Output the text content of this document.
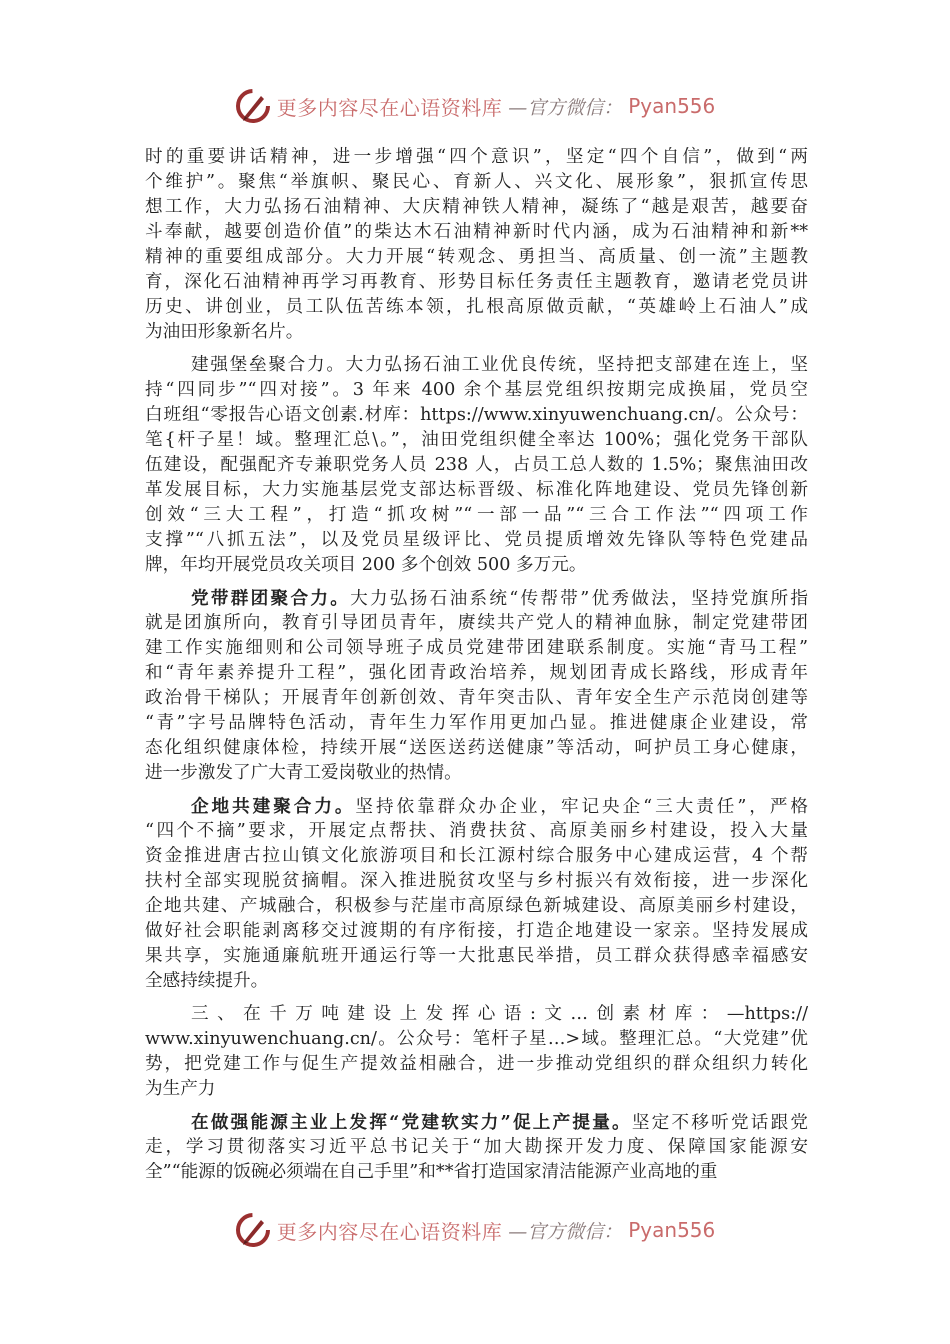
更多内容尽在心语资料库 —官方微信： Pyan556
时的重要讲话精神，进一步增强“四个意识”，坚定“四个自信”，做到“两
个维护”。聚焦“举旗帜、聚民心、育新人、兴文化、展形象”，狠抓宣传思
想工作，大力弘扬石油精神、大庆精神铁人精神，凝练了“越是艰苦，越要奋
斗奉献，越要创造价值”的柴达木石油精神新时代内涵，成为石油精神和新**
精神的重要组成部分。大力开展“转观念、勇担当、高质量、创一流”主题教
育，深化石油精神再学习再教育、形势目标任务责任主题教育，邀请老党员讲
历史、讲创业，员工队伍苦练本领，扎根高原做贡献，“英雄岭上石油人”成
为油田形象新名片。
建强堡垒聚合力。大力弘扬石油工业优良传统，坚持把支部建在连上，坚
持“四同步”“四对接”。3 年来 400 余个基层党组织按期完成换届，党员空
白班组“零报告心语文创素.材库：https://www.xinyuwenchuang.cn/。公众号：
笔{杆子星！域。整理汇总\。”，油田党组织健全率达 100%；强化党务干部队
伍建设，配强配齐专兼职党务人员 238 人，占员工总人数的 1.5%；聚焦油田改
革发展目标，大力实施基层党支部达标晋级、标准化阵地建设、党员先锋创新
创效“三大工程”，打造“抓攻树”“一部一品”“三合工作法”“四项工作
支撑”“八抓五法”，以及党员星级评比、党员提质增效先锋队等特色党建品
牌，年均开展党员攻关项目 200 多个创效 500 多万元。
党带群团聚合力。大力弘扬石油系统“传帮带”优秀做法，坚持党旗所指
就是团旗所向，教育引导团员青年，赓续共产党人的精神血脉，制定党建带团
建工作实施细则和公司领导班子成员党建带团建联系制度。实施“青马工程”
和“青年素养提升工程”，强化团青政治培养，规划团青成长路线，形成青年
政治骨干梯队；开展青年创新创效、青年突击队、青年安全生产示范岗创建等
“青”字号品牌特色活动，青年生力军作用更加凸显。推进健康企业建设，常
态化组织健康体检，持续开展“送医送药送健康”等活动，呵护员工身心健康，
进一步激发了广大青工爱岗敬业的热情。
企地共建聚合力。坚持依靠群众办企业，牢记央企“三大责任”，严格
“四个不摘”要求，开展定点帮扶、消费扶贫、高原美丽乡村建设，投入大量
资金推进唐古拉山镇文化旅游项目和长江源村综合服务中心建成运营，4 个帮
扶村全部实现脱贫摘帽。深入推进脱贫攻坚与乡村振兴有效衔接，进一步深化
企地共建、产城融合，积极参与茫崖市高原绿色新城建设、高原美丽乡村建设，
做好社会职能剥离移交过渡期的有序衔接，打造企地建设一家亲。坚持发展成
果共享，实施通廉航班开通运行等一大批惠民举措，员工群众获得感幸福感安
全感持续提升。
三、在千万吨建设上发挥心语:文…创素材库：—https://
www.xinyuwenchuang.cn/。公众号：笔杆子星…>域。整理汇总。“大党建”优
势，把党建工作与促生产提效益相融合，进一步推动党组织的群众组织力转化
为生产力
在做强能源主业上发挥“党建软实力”促上产提量。坚定不移听党话跟党
走，学习贯彻落实习近平总书记关于“加大勘探开发力度、保障国家能源安
全”“能源的饭碗必须端在自己手里”和**省打造国家清洁能源产业高地的重
更多内容尽在心语资料库 —官方微信： Pyan556
